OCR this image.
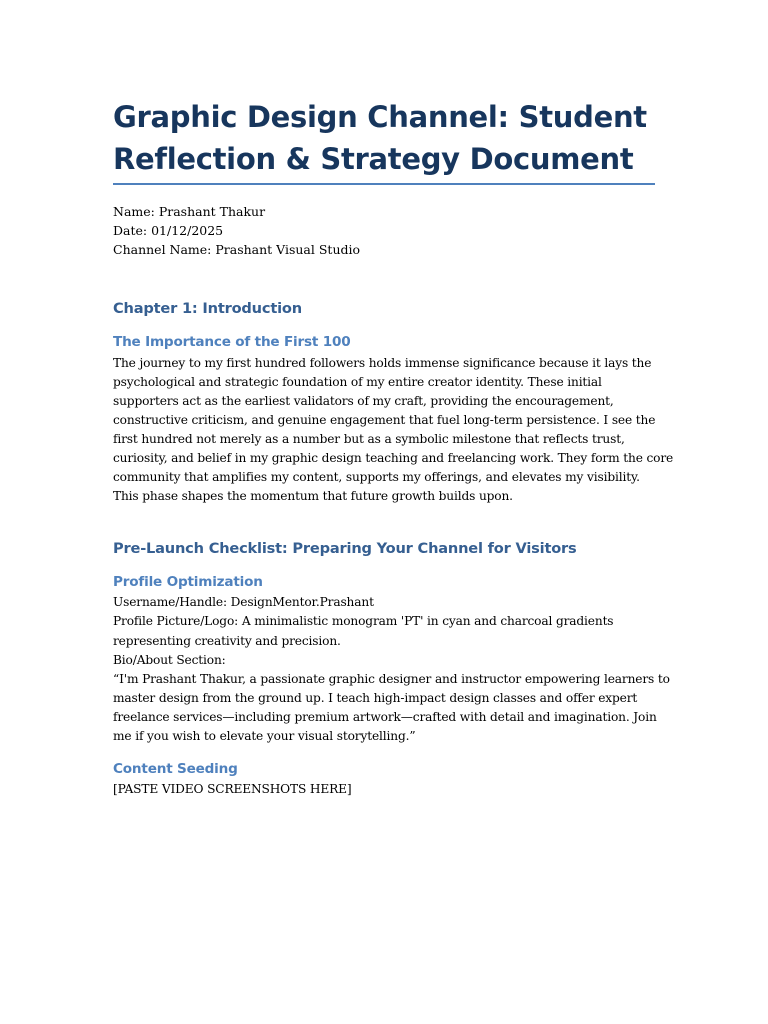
Graphic Design Channel: Student
Reflection & Strategy Document
Name: Prashant Thakur
Date: 01/12/2025
Channel Name: Prashant Visual Studio
Chapter 1: Introduction
The Importance of the First 100
The journey to my first hundred followers holds immense significance because it lays the
psychological and strategic foundation of my entire creator identity. These initial
supporters act as the earliest validators of my craft, providing the encouragement,
constructive criticism, and genuine engagement that fuel long-term persistence. I see the
first hundred not merely as a number but as a symbolic milestone that reflects trust,
curiosity, and belief in my graphic design teaching and freelancing work. They form the core
community that amplifies my content, supports my offerings, and elevates my visibility.
This phase shapes the momentum that future growth builds upon.
Pre-Launch Checklist: Preparing Your Channel for Visitors
Profile Optimization
Username/Handle: DesignMentor.Prashant
Profile Picture/Logo: A minimalistic monogram 'PT' in cyan and charcoal gradients
representing creativity and precision.
Bio/About Section:
“I'm Prashant Thakur, a passionate graphic designer and instructor empowering learners to
master design from the ground up. I teach high-impact design classes and offer expert
freelance services—including premium artwork—crafted with detail and imagination. Join
me if you wish to elevate your visual storytelling.”
Content Seeding
[PASTE VIDEO SCREENSHOTS HERE]
